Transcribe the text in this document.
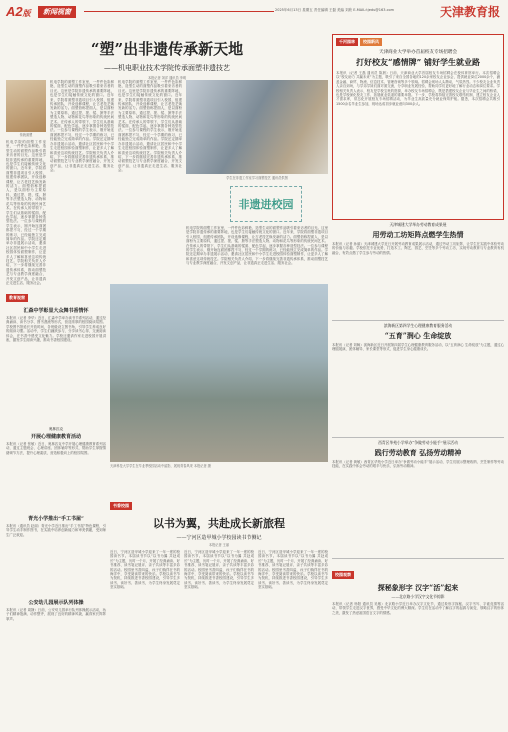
A2版	新闻视窗	2025年6月13日 星期五 责任编辑 王磊 美编 刘欣 E-MAIL:tjedu@163.com	天津教育报
“塑”出非遗传承新天地
——机电职业技术学院传承面塑非遗技艺
本报记者 刘洋 通讯员 李明
传统面塑
机电学院的面塑工作室里，一件件色彩鲜艳、造型生动的面塑作品吸引着来访者的目光。这里是学院非遗传承的重要阵地，也是学生们接触传统文化的窗口。近年来，学院将面塑非遗项目引入校园，组建传承团队，开设选修课程，让古老技艺焕发新的活力。面塑俗称捏面人，是以面粉为主要原料，通过捏、搓、揉、掀等手法塑造人物、动物和花鸟等形象的传统民间艺术。在传承人的带领下，学生们从基础的揉面、配色学起，逐步掌握各种造型技法。一位参与课程的学生表示，刚开始连面团都捏不匀，经过一个学期的练习，已经能独立完成简单的作品。学院还定期举办非遗展示活动，邀请社区居民和中小学生走进校园体验面塑制作，让更多人了解和喜爱这项传统技艺。学院相关负责人介绍，下一步将继续完善非遗传承体系，推动面塑技艺与专业教学深度融合，开发文创产品，让非遗真正走进生活、服务社会。
机电学院的面塑工作室里，一件件色彩鲜艳、造型生动的面塑作品吸引着来访者的目光。这里是学院非遗传承的重要阵地，也是学生们接触传统文化的窗口。近年来，学院将面塑非遗项目引入校园，组建传承团队，开设选修课程，让古老技艺焕发新的活力。面塑俗称捏面人，是以面粉为主要原料，通过捏、搓、揉、掀等手法塑造人物、动物和花鸟等形象的传统民间艺术。在传承人的带领下，学生们从基础的揉面、配色学起，逐步掌握各种造型技法。一位参与课程的学生表示，刚开始连面团都捏不匀，经过一个学期的练习，已经能独立完成简单的作品。学院还定期举办非遗展示活动，邀请社区居民和中小学生走进校园体验面塑制作，让更多人了解和喜爱这项传统技艺。学院相关负责人介绍，下一步将继续完善非遗传承体系，推动面塑技艺与专业教学深度融合，开发文创产品，让非遗真正走进生活、服务社会。
机电学院的面塑工作室里，一件件色彩鲜艳、造型生动的面塑作品吸引着来访者的目光。这里是学院非遗传承的重要阵地，也是学生们接触传统文化的窗口。近年来，学院将面塑非遗项目引入校园，组建传承团队，开设选修课程，让古老技艺焕发新的活力。面塑俗称捏面人，是以面粉为主要原料，通过捏、搓、揉、掀等手法塑造人物、动物和花鸟等形象的传统民间艺术。在传承人的带领下，学生们从基础的揉面、配色学起，逐步掌握各种造型技法。一位参与课程的学生表示，刚开始连面团都捏不匀，经过一个学期的练习，已经能独立完成简单的作品。学院还定期举办非遗展示活动，邀请社区居民和中小学生走进校园体验面塑制作，让更多人了解和喜爱这项传统技艺。学院相关负责人介绍，下一步将继续完善非遗传承体系，推动面塑技艺与专业教学深度融合，开发文创产品，让非遗真正走进生活、服务社会。
学生在非遗工作室学习面塑技艺 通讯员供图
非遗进校园
机电学院的面塑工作室里，一件件色彩鲜艳、造型生动的面塑作品吸引着来访者的目光。这里是学院非遗传承的重要阵地，也是学生们接触传统文化的窗口。近年来，学院将面塑非遗项目引入校园，组建传承团队，开设选修课程，让古老技艺焕发新的活力。面塑俗称捏面人，是以面粉为主要原料，通过捏、搓、揉、掀等手法塑造人物、动物和花鸟等形象的传统民间艺术。在传承人的带领下，学生们从基础的揉面、配色学起，逐步掌握各种造型技法。一位参与课程的学生表示，刚开始连面团都捏不匀，经过一个学期的练习，已经能独立完成简单的作品。学院还定期举办非遗展示活动，邀请社区居民和中小学生走进校园体验面塑制作，让更多人了解和喜爱这项传统技艺。学院相关负责人介绍，下一步将继续完善非遗传承体系，推动面塑技艺与专业教学深度融合，开发文创产品，让非遗真正走进生活、服务社会。
千河园林	校园新风
天津商业大学举办首届校友专场招聘会
打好校友“感情牌” 铺好学生就业路
本报讯（记者 王磊 通讯员 陈晨）日前，天津商业大学首届校友专场招聘会在校体育馆举行。本次招聘会以“校友助力 共赢未来”为主题，吸引了来自全国各地的120余家校友企业参会，提供就业岗位2000余个，涵盖金融、商贸、物流、信息技术、管理咨询等多个领域。招聘会现场人头攒动，气氛热烈。不少校友企业负责人亲自到场，与学弟学妹们面对面交流，分享职业发展经验，帮助同学们更好地了解行业动态和岗位要求。学校相关负责人表示，校友是学校宝贵的资源，举办校友专场招聘会，既是搭建校友企业与毕业生之间的桥梁，也是学校深化校友工作、拓展就业渠道的重要举措。下一步，学校将持续完善校友联络机制，建立校友企业人才需求库，常态化开展校友专场招聘活动，为毕业生高质量充分就业保驾护航。据悉，本次招聘会共吸引1500余名毕业生参加，现场达成初步就业意向300余人。
天津城建大学举办劳动教育成果展
用劳动工坊矩阵点燃学生热情
本报讯（记者 孙丽）天津城建大学近日开展劳动教育成果展示活动，通过劳动工坊矩阵，让学生在实践中体验劳动的价值与乐趣。学校依托专业优势，打造木工、陶艺、园艺、烹饪等多个劳动工坊，实现劳动教育与专业教育有机融合，有效点燃了学生参与劳动的热情。
滨海新区第四学生心理健康教育服务活动
“五育”润心 生命绽放
本报讯（记者 刘畅）滨海新区近日开展第四届学生心理健康教育服务活动，以“五育润心 生命绽放”为主题，通过心理剧展演、团体辅导、家长课堂等形式，促进学生身心健康成长。
西青区华苑小学举办“争做劳动小能手”展示活动
践行劳动教育 弘扬劳动精神
本报讯（记者 黄敏）西青区华苑小学近日举办“争做劳动小能手”展示活动，学生们展示整理收纳、烹饪制作等劳动技能，在实践中体会劳动的艰辛与快乐，弘扬劳动精神。
校园观察
探秘象形字 汉字“活”起来
——北京路小学汉字文化节掠影
本报讯（记者 杨阳 通讯员 吴敏）北京路小学近日举办汉字文化节，通过象形字探秘、汉字书写、字谜竞猜等活动，带领学生走进汉字世界，感受中华文化的博大精深。学生们在活动中了解汉字的起源与演变，领略汉字的形体之美，激发了热爱祖国语言文字的情感。
教育视窗
汇森中学彰显大众舞书香情怀
本报讯（记者 李华）近日，汇森中学举办读书节系列活动，通过经典诵读、读书分享、图书漂流等形式，营造浓厚的校园阅读氛围。学校图书馆延长开放时间，各班级设立图书角，引导学生养成良好的阅读习惯。活动中，学生们踊跃参与，分享读书心得，交流阅读体会，在书香中感受文化魅力。学校还邀请作家走进校园开展讲座，激发学生阅读兴趣，推动书香校园建设。
奥林匹克
开展心理健康教育活动
本报讯（记者 张敏）近日，奥林匹克中学开展心理健康教育系列活动，通过主题班会、心理讲座、团体辅导等形式，帮助学生掌握情绪调节方法，提升心理素质，营造积极向上的校园氛围。
青光小学推出“手工书屋”
本报讯（通讯员 赵丽）青光小学近日推出“手工书屋”特色课程，引导学生动手制作图书，在实践中培养创新能力和审美情趣，受到师生广泛欢迎。
公安幼儿园展示队列体操
本报讯（记者 周静）日前，公安幼儿园举行队列体操展示活动，孩子们精神饱满、动作整齐，展现了良好的精神风貌，赢得家长阵阵掌声。
天津科技大学学生在毕业季校园活动中留影，展现青春风采 本报记者 摄
书香校园
以书为翼，共赴成长新旅程
——宁河区造甲城小学校园读书节侧记
本报记者 王丽
近日，宁河区造甲城小学迎来了一年一度的校园读书节。本届读书节以“以书为翼 共赴成长”为主题，历时一个月，开展了经典诵读、好书推荐、读书笔记展评、亲子共读等丰富多彩的活动。校园里书香四溢，孩子们徜徉在书的海洋中，享受阅读带来的快乐。学校以读书节为契机，持续推进书香校园建设，引导学生多读书、读好书、善读书，为学生终身发展奠定坚实基础。
近日，宁河区造甲城小学迎来了一年一度的校园读书节。本届读书节以“以书为翼 共赴成长”为主题，历时一个月，开展了经典诵读、好书推荐、读书笔记展评、亲子共读等丰富多彩的活动。校园里书香四溢，孩子们徜徉在书的海洋中，享受阅读带来的快乐。学校以读书节为契机，持续推进书香校园建设，引导学生多读书、读好书、善读书，为学生终身发展奠定坚实基础。
近日，宁河区造甲城小学迎来了一年一度的校园读书节。本届读书节以“以书为翼 共赴成长”为主题，历时一个月，开展了经典诵读、好书推荐、读书笔记展评、亲子共读等丰富多彩的活动。校园里书香四溢，孩子们徜徉在书的海洋中，享受阅读带来的快乐。学校以读书节为契机，持续推进书香校园建设，引导学生多读书、读好书、善读书，为学生终身发展奠定坚实基础。
